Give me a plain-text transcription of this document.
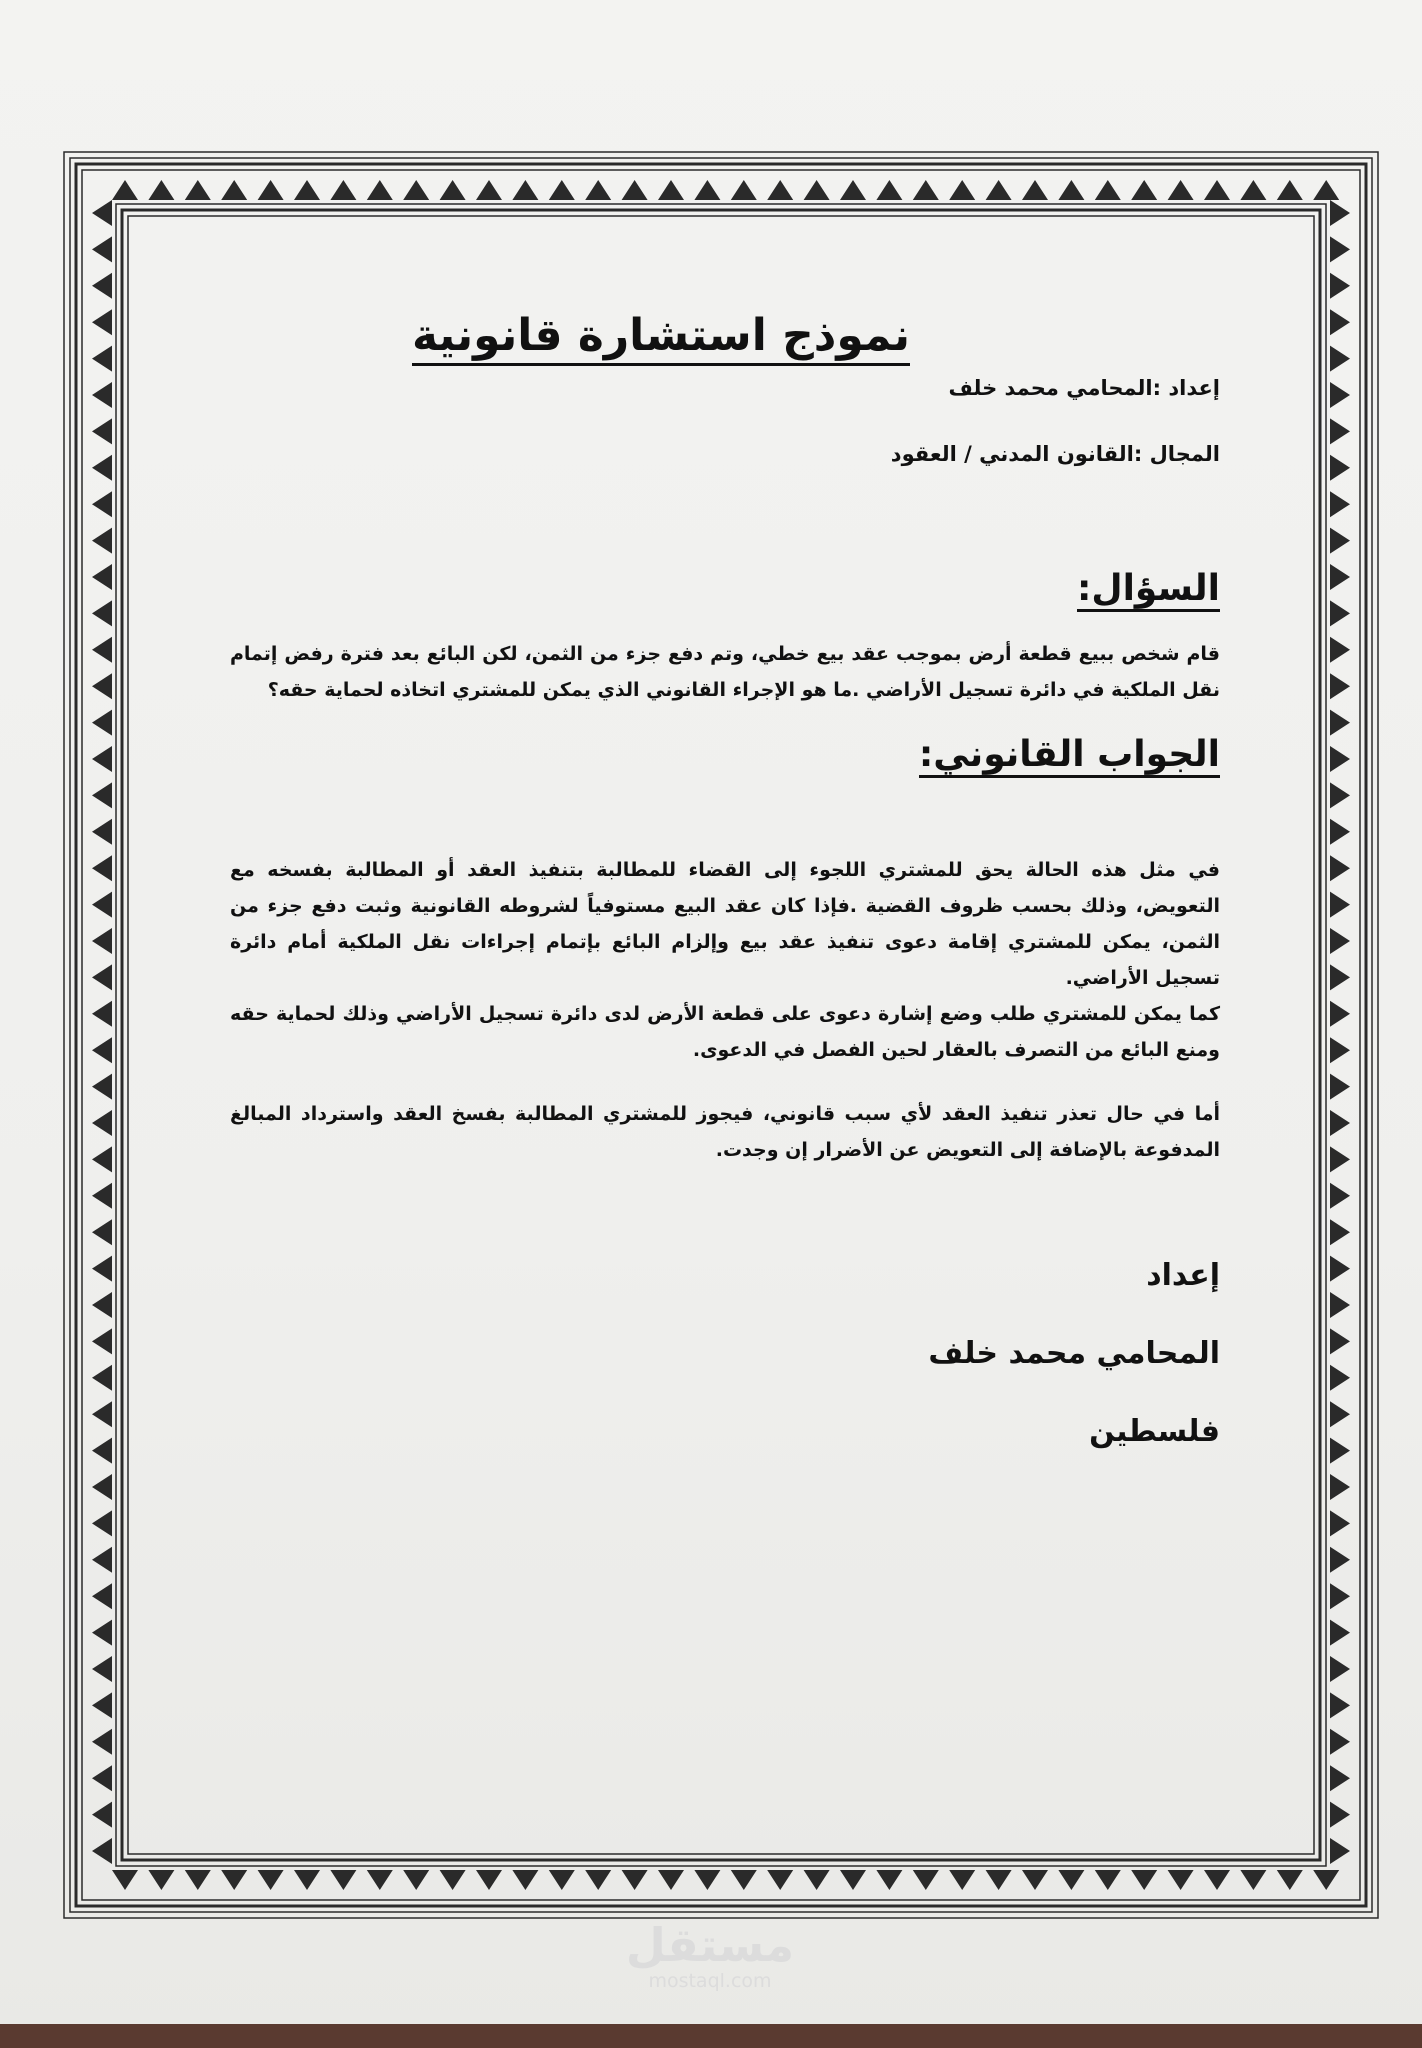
نموذج استشارة قانونية
إعداد :المحامي محمد خلف
المجال :القانون المدني / العقود
السؤال:
قام شخص ببيع قطعة أرض بموجب عقد بيع خطي، وتم دفع جزء من الثمن، لكن البائع بعد فترة رفض إتمام نقل الملكية في دائرة تسجيل الأراضي .ما هو الإجراء القانوني الذي يمكن للمشتري اتخاذه لحماية حقه؟
الجواب القانوني:
في مثل هذه الحالة يحق للمشتري اللجوء إلى القضاء للمطالبة بتنفيذ العقد أو المطالبة بفسخه مع التعويض، وذلك بحسب ظروف القضية .فإذا كان عقد البيع مستوفياً لشروطه القانونية وثبت دفع جزء من الثمن، يمكن للمشتري إقامة دعوى تنفيذ عقد بيع وإلزام البائع بإتمام إجراءات نقل الملكية أمام دائرة تسجيل الأراضي.
كما يمكن للمشتري طلب وضع إشارة دعوى على قطعة الأرض لدى دائرة تسجيل الأراضي وذلك لحماية حقه ومنع البائع من التصرف بالعقار لحين الفصل في الدعوى.
أما في حال تعذر تنفيذ العقد لأي سبب قانوني، فيجوز للمشتري المطالبة بفسخ العقد واسترداد المبالغ المدفوعة بالإضافة إلى التعويض عن الأضرار إن وجدت.
إعداد
المحامي محمد خلف
فلسطين
مستقل
mostaql.com
